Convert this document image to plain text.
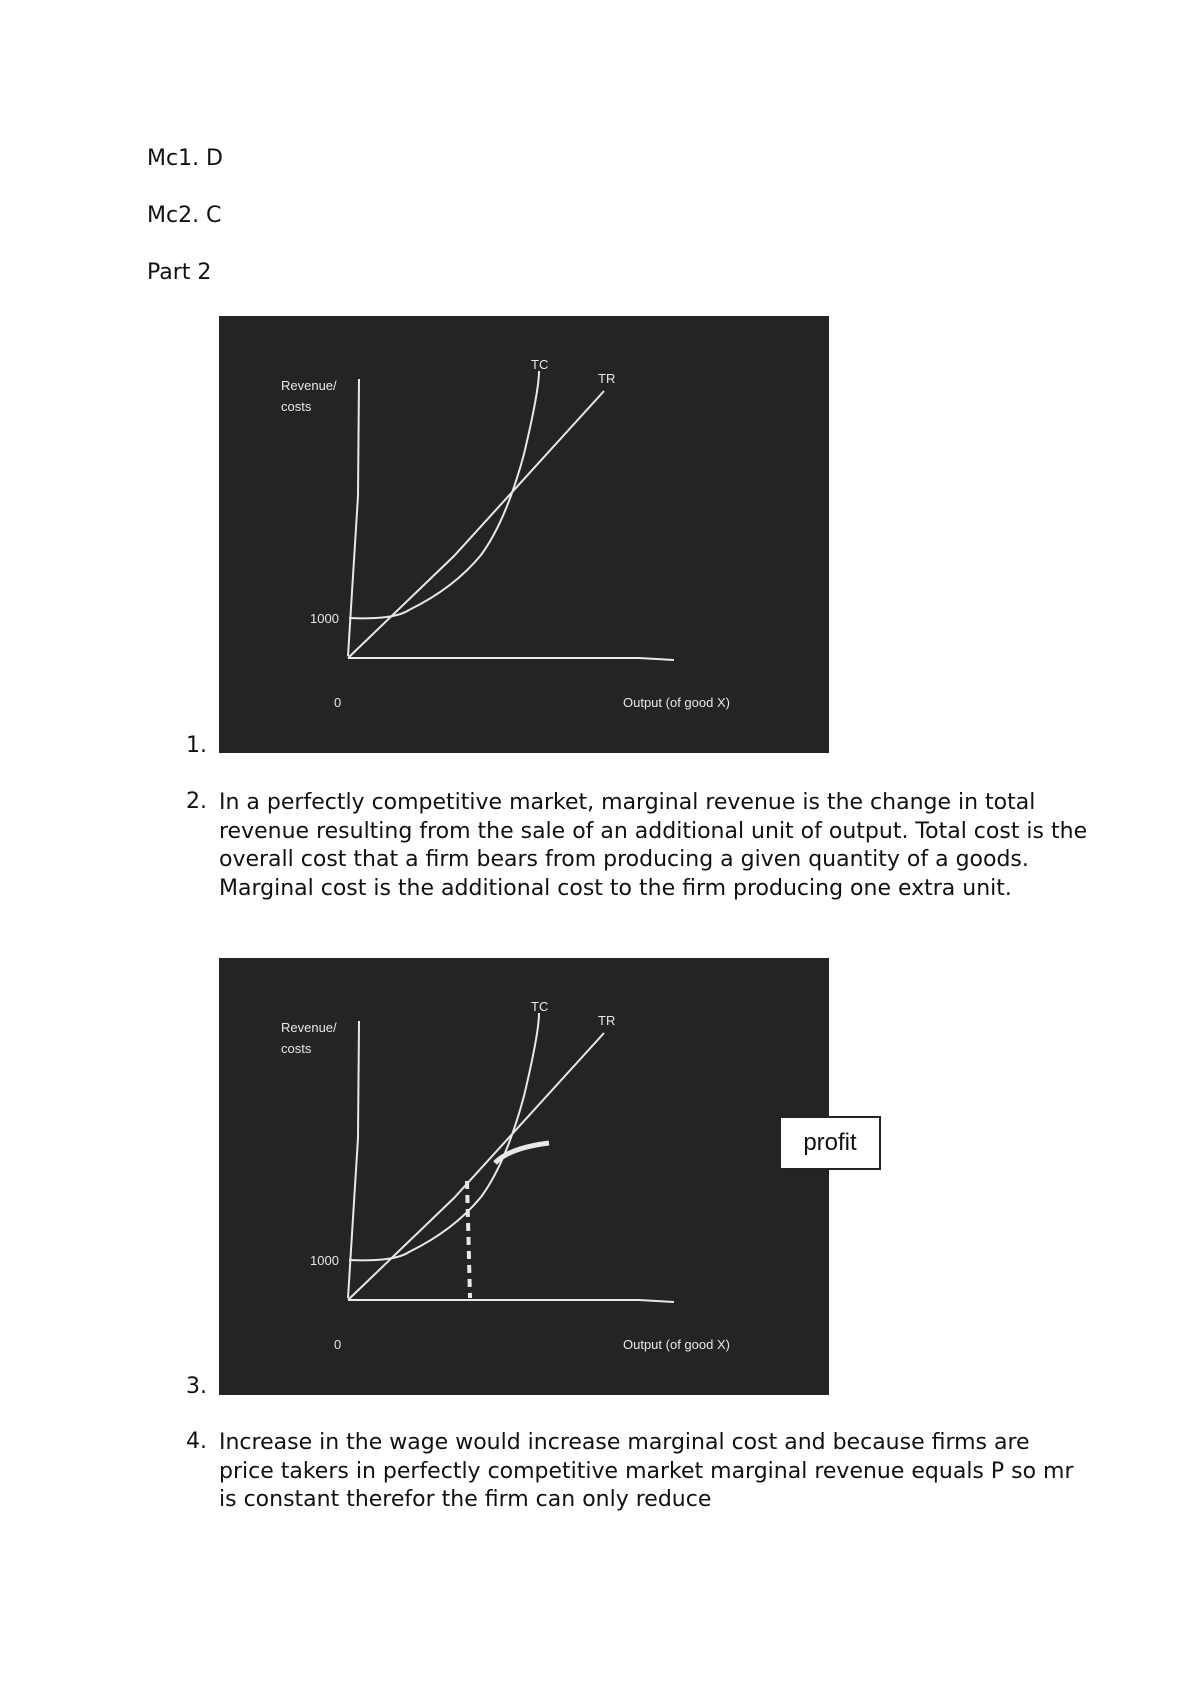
Mc1. D
Mc2. C
Part 2
Revenue/
costs
1000
0	Output (of good X)
TC
TR
1.
2. In a perfectly competitive market, marginal revenue is the change in total revenue resulting from the sale of an additional unit of output. Total cost is the overall cost that a firm bears from producing a given quantity of a goods. Marginal cost is the additional cost to the firm producing one extra unit.
Revenue/
costs
1000
0	Output (of good X)
TC
TR
profit
3.
4. Increase in the wage would increase marginal cost and because firms are price takers in perfectly competitive market marginal revenue equals P so mr is constant therefor the firm can only reduce
